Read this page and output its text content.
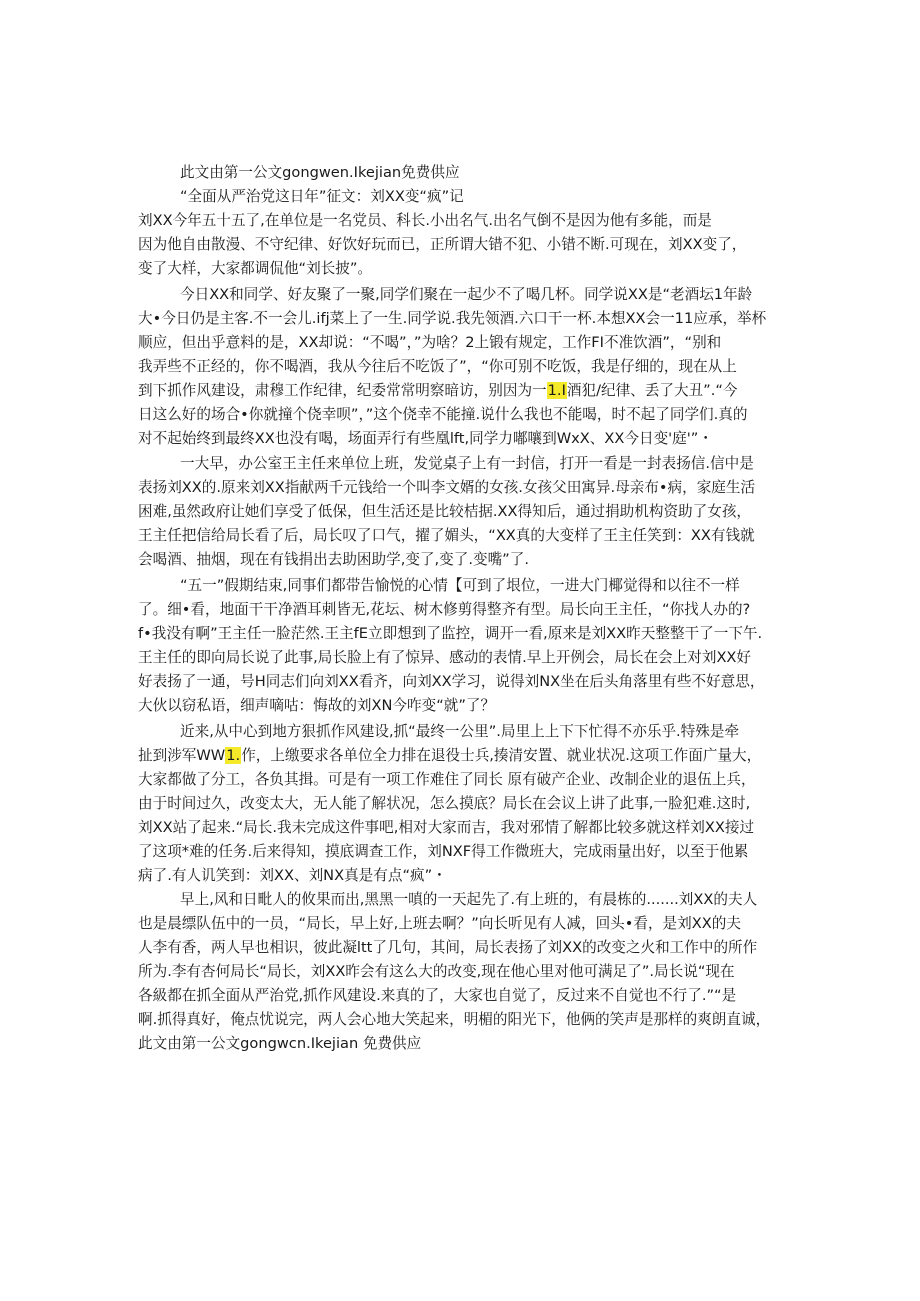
此文由第一公文gongwen.Ikejian免费供应
“全面从严治党这日年”征文：刘XX变“疯”记
刘XX今年五十五了,在单位是一名党员、科长.小出名气.出名气倒不是因为他有多能，而是
因为他自由散漫、不守纪律、好饮好玩而已，正所谓大错不犯、小错不断.可现在，刘XX变了，
变了大样，大家都调侃他“刘长披”。
今日XX和同学、好友聚了一聚,同学们聚在一起少不了喝几杯。同学说XX是“老酒坛1年龄
大•今日仍是主客.不一会儿.ifj菜上了一生.同学说.我先领酒.六口干一杯.本想XX会一11应承，举杯
顺应，但出乎意料的是，XX却说：“不喝”，”为啥？2上锻有规定，工作FI不准饮酒”，“别和
我弄些不正经的，你不喝酒，我从今往后不吃饭了”，“你可别不吃饭，我是仔细的，现在从上
到下抓作风建设，肃穆工作纪律，纪委常常明察暗访，别因为一1.I酒犯/纪律、丢了大丑”.“今
日这么好的场合•你就撞个侥幸呗”，”这个侥幸不能撞.说什么我也不能喝，时不起了同学们.真的
对不起始终到最终XX也没有喝，场面弄行有些凰lft,同学力嘟嚷到WxX、XX今日变'庭'”・
一大早，办公室王主任来单位上班，发觉桌子上有一封信，打开一看是一封表扬信.信中是
表扬刘XX的.原来刘XX指献两千元钱给一个叫李文婿的女孩.女孩父田寓异.母亲布•病，家庭生活
困难,虽然政府让她们享受了低保，但生活还是比较桔据.XX得知后，通过捐助机构资助了女孩，
王主任把信给局长看了后，局长叹了口气，擢了媚头，“XX真的大变样了王主任笑到：XX有钱就
会喝酒、抽烟，现在有钱捐出去助困助学,变了,变了.变嘴”了.
“五一”假期结束,同事们都带告愉悦的心情【可到了垠位，一进大门椰觉得和以往不一样
了。细•看，地面干干净酒耳刺皆无,花坛、树木修剪得整齐有型。局长向王主任，“你找人办的?
f•我没有啊”王主任一脸茫然.王主fE立即想到了监控，调开一看,原来是刘XX昨天整整干了一下午.
王主任的即向局长说了此事,局长脸上有了惊异、感动的表情.早上开例会，局长在会上对刘XX好
好表扬了一通，号H同志们向刘XX看齐，向刘XX学习，说得刘NX坐在后头角落里有些不好意思，
大伙以窃私语，细声嘀咕：悔故的刘XN今咋变“就”了？
近来,从中心到地方狠抓作风建设,抓“最终一公里”.局里上上下下忙得不亦乐乎.特殊是牵
扯到涉军WW1.作，上缴要求各单位全力排在退役士兵,揍清安置、就业状况.这项工作面广量大，
大家都做了分工，各负其揖。可是有一项工作难住了同长 原有破产企业、改制企业的退伍上兵，
由于时间过久，改变太大，无人能了解状况，怎么摸底？局长在会议上讲了此事,一脸犯难.这时,
刘XX站了起来.“局长.我未完成这件事吧,相对大家而吉，我对邪情了解都比较多就这样刘XX接过
了这项*难的任务.后来得知，摸底调查工作，刘NXF得工作微班大，完成雨量出好，以至于他累
病了.有人讥笑到：刘XX、刘NX真是有点“疯”・
早上,风和日毗人的攸果而出,黑黑一嗔的一天起先了.有上班的，有晨栋的.......刘XX的夫人
也是晨缥队伍中的一员，“局长，早上好,上班去啊？”向长听见有人减，回头•看，是刘XX的夫
人李有香，两人早也相识，彼此凝ltt了几句，其间，局长表扬了刘XX的改变之火和工作中的所作
所为.李有杏何局长“局长，刘XX昨会有这么大的改变,现在他心里对他可满足了”.局长说“现在
各級都在抓全面从严治党,抓作风建设.来真的了，大家也自觉了，反过来不自觉也不行了.”“是
啊.抓得真好，俺点忧说完，两人会心地大笑起来，明楣的阳光下，他俩的笑声是那样的爽朗直诚，
此文由第一公文gongwcn.Ikejian 免费供应
